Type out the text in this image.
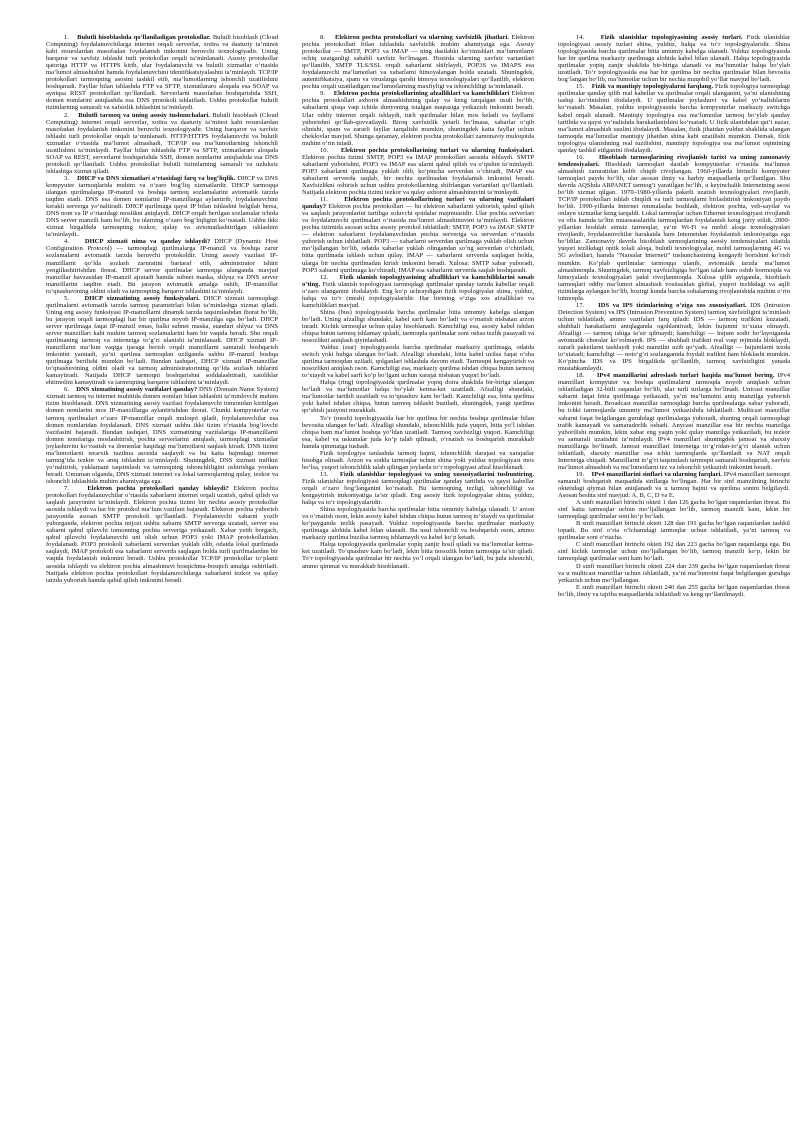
1. Bulutli hisoblashda qo‘llaniladigan protokollar. Bulutli hisoblash (Cloud Computing) foydalanuvchilarga internet orqali serverlar, xotira va dasturiy ta’minot kabi resurslardan masofadan foydalanish imkonini beruvchi texnologiyadir. Uning barqaror va xavfsiz ishlashi turli protokollar orqali ta’minlanadi. Asosiy protokollar qatoriga HTTP va HTTPS kirib, ular foydalanuvchi va bulutli xizmatlar o‘rtasida ma’lumot almashishni hamda foydalanuvchini identifikatsiyalashni ta’minlaydi. TCP/IP protokollari tarmoqning asosini tashkil etib, ma’lumotlarning ishonchli uzatilishini boshqaradi. Fayllar bilan ishlashda FTP va SFTP, xizmatlararo aloqada esa SOAP va ayniqsa REST protokollari qo‘llaniladi. Serverlarni masofadan boshqarishda SSH, domen nomlarini aniqlashda esa DNS protokoli ishlatiladi. Ushbu protokollar bulutli tizimlarning samarali va xafsizlik ishlashini ta’minlaydi.

2. Bulutli tarmoq va uning asosiy tushunchalari. Bulutli hisoblash (Cloud Computing) internet orqali serverlar, xotira va dasturiy ta’minot kabi resurslardan masofadan foydalanish imkonini beruvchi texnologiyadir. Uning barqaror va xavfsiz ishlashi turli protokollar orqali ta’minlanadi. HTTP/HTTPS foydalanuvchi va bulutli xizmatlar o‘rtasida ma’lumot almashadi, TCP/IP esa ma’lumotlarning ishonchli uzatilishini ta’minlaydi. Fayllar bilan ishlashda FTP va SFTP, xizmatlararo aloqada SOAP va REST, serverlarni boshqarishda SSH, domen nomlarini aniqlashda esa DNS protokoli qo‘llaniladi. Ushbu protokollar bulutli tizimlarning samarali va uzluksiz ishlashiga xizmat qiladi.

3. DHCP va DNS xizmatlari o‘rtasidagi farq va bog‘liqlik. DHCP va DNS kompyuter tarmoqlarida muhim va o‘zaro bog‘liq xizmatlardir. DHCP tarmoqqa ulangan qurilmalarga IP-manzil va boshqa tarmoq sozlamalarini avtomatik tarzda taqdim etadi. DNS esa domen nomlarini IP-manzillarga aylantirib, foydalanuvchini kerakli serverga yo‘naltiradi. DHCP qurilmaga qaysi IP bilan ishlashni belgilab bersa, DNS nom va IP o‘rtasidagi moslikni aniqlaydi. DHCP orqali berilgan sozlamalar ichida DNS server manzili ham bo‘lib, bu ularning o‘zaro bog‘liqligini ko‘rsatadi. Ushbu ikki xizmat birgalikda tarmoqning tezkor, qulay va avtomatlashtirilgan ishlashini ta’minlaydi..

4. DHCP xizmati nima va qanday ishlaydi? DHCP (Dynamic Host Configuration Protocol) — tarmoqdagi qurilmalarga IP-manzil va boshqa zarur sozlamalarni avtomatik tarzda beruvchi protokoldir. Uning asosiy vazifasi IP-manzillarni qo‘lda sozlash zaruratini bartaraf etib, administrator ishini yengillashtirishdan iborat. DHCP server qurilmalar tarmoqqa ulanganda mavjud manzillar havzasidan IP-manzil ajratadi hamda subnet maska, shlyuz va DNS server manzillarini taqdim etadi. Bu jarayon avtomatik amalga oshib, IP-manzillar to‘qnashuvining oldini oladi va tarmoqning barqaror ishlashini ta’minlaydi.

5. DHCP xizmatining asosiy funksiyalari. DHCP xizmati tarmoqdagi qurilmalarni avtomatik tarzda tarmoq parametrlari bilan ta’minlashga xizmat qiladi. Uning eng asosiy funksiyasi IP-manzillarni dinamik tarzda taqsimlashdan iborat bo‘lib, bu jarayon orqali tarmoqdagi har bir qurilma noyob IP-manzilga ega bo‘ladi. DHCP server qurilmaga faqat IP-manzil emas, balki subnet maska, standart shlyuz va DNS server manzillari kabi muhim tarmoq sozlamalarini ham bir vaqtda beradi. Shu orqali qurilmaning tarmoq va internetga to‘g‘ri ulanishi ta’minlanadi. DHCP xizmati IP-manzillarni ma’lum vaqtga ijaraga berish orqali manzillarni samarali boshqarish imkonini yaratadi, ya’ni qurilma tarmoqdan uzilganda ushbu IP-manzil boshqa qurilmaga berilishi mumkin bo‘ladi. Bundan tashqari, DHCP xizmati IP-manzillar to‘qnashuvining oldini oladi va tarmoq administratorining qo‘lda sozlash ishlarini kamaytiradi. Natijada DHCP tarmoqni boshqarishni soddalashtiradi, xatoliklar ehtimolini kamaytiradi va tarmoqning barqaror ishlashini ta’minlaydi.

6. DNS xizmatining asosiy vazifalari qanday? DNS (Domain Name System) xizmati tarmoq va internet muhitida domen nomlari bilan ishlashni ta’minlovchi muhim tizim hisoblanadi. DNS xizmatining asosiy vazifasi foydalanuvchi tomonidan kiritilgan domen nomlarini mos IP-manzillarga aylantirishdan iborat. Chunki kompyuterlar va tarmoq qurilmalari o‘zaro IP-manzillar orqali muloqot qiladi, foydalanuvchilar esa domen nomlaridan foydalanadi. DNS xizmati ushbu ikki tizim o‘rtasida bog‘lovchi vazifasini bajaradi. Bundan tashqari, DNS xizmatining vazifalariga IP-manzillarni domen nomlariga moslashtirish, pochta serverlarini aniqlash, tarmoqdagi xizmatlar joylashuvini ko‘rsatish va domenlar haqidagi ma’lumotlarni saqlash kiradi. DNS tizimi ma’lumotlarni ierarxik tuzilma asosida saqlaydi va bu katta hajmdagi internet tarmog‘ida tezkor va aniq ishlashni ta’minlaydi. Shuningdek, DNS xizmati trafikni yo‘naltirish, yuklamani taqsimlash va tarmoqning ishonchliligini oshirishga yordam beradi. Umuman olganda, DNS xizmati internet va lokal tarmoqlarning qulay, tezkor va ishonchli ishlashida muhim ahamiyatga ega.

7.	Elektron pochta protokollari qanday ishlaydi? Elektron pochta protokollari foydalanuvchilar o‘rtasida xabarlarni internet orqali uzatish, qabul qilish va saqlash jarayonini ta’minlaydi. Elektron pochta tizimi bir nechta asosiy protokollar asosida ishlaydi va har bir protokol ma’lum vazifani bajaradi. Elektron pochta yuborish jarayonida asosan SMTP protokoli qo‘llaniladi. Foydalanuvchi xabarni yozib yuborganda, elektron pochta mijozi ushbu xabarni SMTP serverga uzatadi, server esa xabarni qabul qiluvchi tomonning pochta serveriga yetkazadi. Xabar yetib borgach, qabul qiluvchi foydalanuvchi uni olish uchun POP3 yoki IMAP protokollaridan foydalanadi. POP3 protokoli xabarlarni serverdan yuklab olib, odatda lokal qurilmada saqlaydi, IMAP protokoli esa xabarlarni serverda saqlagan holda turli qurilmalardan bir vaqtda foydalanish imkonini beradi. Ushbu protokollar TCP/IP protokollar to‘plami asosida ishlaydi va elektron pochta almashinuvi bosqichma-bosqich amalga oshiriladi. Natijada elektron pochta protokollari foydalanuvchilarga xabarlarni tezkor va qulay tarzda yuborish hamda qabul qilish imkonini beradi

8. Elektron pochta protokollari va ularning xavfsizlik jihatlari. Elektron pochta protokollari bilan ishlashda xavfsizlik muhim ahamiyatga ega. Asosiy protokollar — SMTP, POP3 va IMAP — ning dastlabki ko‘rinishlari ma’lumotlarni ochiq uzatganligi sababli xavfsiz bo‘lmagan. Hozirda ularning xavfsiz variantlari qo‘llanilib, SMTP TLS/SSL orqali xabarlarni shifrlaydi, POP3S va IMAPS esa foydalanuvchi ma’lumotlari va xabarlarni himoyalangan holda uzatadi. Shuningdek, autentifikatsiya, spam va viruslarga qarshi himoya texnologiyalari qo‘llanilib, elektron pochta orqali uzatiladigan ma’lumotlarning maxfiyligi va ishonchliligi ta’minlanadi.

9. Elektron pochta protokollarining afzalliklari va kamchiliklari Elektron pochta protokollari axborot almashishning qulay va keng tarqalgan usuli bo‘lib, xabarlarni qisqa vaqt ichida dunyoning istalgan nuqtasiga yetkazish imkonini beradi. Ular oddiy internet orqali ishlaydi, turli qurilmalar bilan mos keladi va fayllarni yuborishni qo‘llab-quvvatlaydi. Biroq xavfsizlik yetarli bo‘lmasa, xabarlar o‘qib olinishi, spam va zararli fayllar tarqalishi mumkin, shuningdek katta fayllar uchun cheklovlar mavjud. Shunga qaramay, elektron pochta protokollari zamonaviy muloqotda muhim o‘rin tutadi.

10. Elektron pochta protokollarining turlari va ularning funksiyalari. Elektron pochta tizimi SMTP, POP3 va IMAP protokollari asosida ishlaydi. SMTP xabarlarni yuborishni, POP3 va IMAP esa ularni qabul qilish va o‘qishni ta’minlaydi. POP3 xabarlarni qurilmaga yuklab olib, ko‘pincha serverdan o‘chiradi, IMAP esa xabarlarni serverda saqlab, bir nechta qurilmadan foydalanish imkonini beradi. Xavfsizlikni oshirish uchun ushbu protokollarning shifrlangan variantlari qo‘llaniladi. Natijada elektron pochta tizimi tezkor va qulay axborot almashinuvini ta’minlaydi.

11. Elektron pochta protokollarining turlari va ularning vazifalari qanday? Elektron pochta protokollari — bu elektron xabarlarni yuborish, qabul qilish va saqlash jarayonlarini tartibga soluvchi qoidalar majmuasidir. Ular pochta serverlari va foydalanuvchi qurilmalari o‘rtasida ma’lumot almashinuvini ta’minlaydi. Elektron pochta tizimida asosan uchta asosiy protokol ishlatiladi: SMTP, POP3 va IMAP. SMTP — elektron xabarlarni foydalanuvchidan pochta serveriga va serverdan o‘rtasida yuborish uchun ishlatiladi. POP3 — xabarlarni serverdan qurilmaga yuklab olish uchun mo‘ljallangan bo‘lib, odatda xabarlar yuklab olingandan so‘ng serverdan o‘chiriladi, bitta qurilmada ishlash uchun qulay. IMAP — xabarlarni serverda saqlagan holda, ularga bir nechta qurilmadan kirish imkonini beradi. Xulosa: SMTP xabar yuboradi, POP3 xabarni qurilmaga ko‘chiradi, IMAP esa xabarlarni serverda saqlab boshqaradi.

12. Fizik ulanish topologiyasining afzalliklari va kamchiliklarini sanab o‘ting. Fizik ulanish topologiyasi tarmoqdagi qurilmalar qanday tarzda kabellar orqali o‘zaro ulanganini ifodalaydi. Eng ko‘p uchraydigan fizik topologiyalar shina, yulduz, halqa va to‘r (mesh) topologiyalaridir. Har birining o‘ziga xos afzalliklari va kamchiliklari mavjud.

Shina (bus) topologiyasida barcha qurilmalar bitta umumiy kabelga ulangan bo‘ladi. Uning afzalligi shundaki, kabel sarfi kam bo‘ladi va o‘rnatish nisbatan arzon turadi. Kichik tarmoqlar uchun qulay hisoblanadi. Kamchiligi esa, asosiy kabel ishdan chiqsa butun tarmoq ishlamay qoladi, tarmoqda qurilmalar soni oshsa tezlik pasayadi va nosozlikni aniqlash qiyinlashadi.

Yulduz (star) topologiyasida barcha qurilmalar markaziy qurilmaga, odatda switch yoki hubga ulangan bo‘ladi. Afzalligi shundaki, bitta kabel uzilsa faqat o‘sha qurilma tarmoqdan uziladi, qolganlari ishlashda davom etadi. Tarmoqni kengaytirish va nosozlikni aniqlash oson. Kamchiligi esa, markaziy qurilma ishdan chiqsa butun tarmoq to‘xtaydi va kabel sarfi ko‘p bo‘lgani uchun xarajat nisbatan yuqori bo‘ladi.

Halqa (ring) topologiyasida qurilmalar yopiq doira shaklida bir-biriga ulangan bo‘ladi va ma’lumotlar halqa bo‘ylab ketma-ket uzatiladi. Afzalligi shundaki, ma’lumotlar tartibli uzatiladi va to‘qnashuv kam bo‘ladi. Kamchiligi esa, bitta qurilma yoki kabel ishdan chiqsa, butun tarmoq ishlashi buziladi, shuningdek, yangi qurilma qo‘shish jarayoni murakkab.

To‘r (mesh) topologiyasida har bir qurilma bir nechta boshqa qurilmalar bilan bevosita ulangan bo‘ladi. Afzalligi shundaki, ishonchlilik juda yuqori, bitta yo‘l ishdan chiqsa ham ma’lumot boshqa yo‘ldan uzatiladi. Tarmoq xavfsizligi yuqori. Kamchiligi esa, kabel va uskunalar juda ko‘p talab qilinadi, o‘rnatish va boshqarish murakkab hamda qimmatga tushadi.

Fizik topologiya tanlashda tarmoq hajmi, ishonchlilik darajasi va xarajatlar hisobga olinadi. Arzon va sodda tarmoqlar uchun shina yoki yulduz topologiyasi mos bo‘lsa, yuqori ishonchlilik talab qilingan joylarda to‘r topologiyasi afzal hisoblanadi.

13. Fizik ulanishlar topologiyasi va uning xususiyatlarini tushuntiring. Fizik ulanishlar topologiyasi tarmoqdagi qurilmalar qanday tartibda va qaysi kabellar orqali o‘zaro bog‘langanini ko‘rsatadi. Bu tarmoqning tezligi, ishonchliligi va kengaytirish imkoniyatiga ta’sir qiladi. Eng asosiy fizik topologiyalar shina, yulduz, halqa va to‘r topologiyalaridir.

Shina topologiyasida barcha qurilmalar bitta umumiy kabelga ulanadi. U arzon va o‘rnatish oson, lekin asosiy kabel ishdan chiqsa butun tarmoq to‘xtaydi va qurilmalar ko‘payganda tezlik pasayadi. Yulduz topologiyasida barcha qurilmalar markaziy qurilmaga alohida kabel bilan ulanadi. Bu usul ishonchli va boshqarish oson, ammo markaziy qurilma buzilsa tarmoq ishlamaydi va kabel ko‘p ketadi.

Halqa topologiyasida qurilmalar yopiq zanjir hosil qiladi va ma’lumotlar ketma-ket uzatiladi. To‘qnashuv kam bo‘ladi, lekin bitta nosozlik butun tarmoqqa ta’sir qiladi. To‘r topologiyasida qurilmalar bir nechta yo‘l orqali ulangan bo‘ladi, bu juda ishonchli, ammo qimmat va murakkab hisoblanadi.

14.	Fizik ulanishlar topologiyasining asosiy turlari. Fizik ulanishlar topologiyasi asosiy turlari shina, yulduz, halqa va to‘r topologiyalaridir. Shina topologiyasida barcha qurilmalar bitta umumiy kabelga ulanadi. Yulduz topologiyasida har bir qurilma markaziy qurilmaga alohida kabel bilan ulanadi. Halqa topologiyasida qurilmalar yopiq zanjir shaklida bir-biriga ulanadi va ma’lumotlar halqa bo‘ylab uzatiladi. To‘r topologiyasida esa har bir qurilma bir nechta qurilmalar bilan bevosita bog‘langan bo‘lib, ma’lumotlar uchun bir nechta muqobil yo‘llar mavjud bo‘ladi.

15. Fizik va mantiqiy topologiyalarni farqlang. Fizik topologiya tarmoqdagi qurilmalar qanday qilib real kabellar va qurilmalar orqali ulanganini, ya’ni ulanishning tashqi ko‘rinishini ifodalaydi. U qurilmalar joylashuvi va kabel yo‘nalishlarini ko‘rsatadi. Masalan, yulduz topologiyasida barcha kompyuterlar markaziy switchga kabel orqali ulanadi. Mantiqiy topologiya esa ma’lumotlar tarmoq bo‘ylab qanday tartibda va qaysi yo‘nalishda harakatlanishini ko‘rsatadi. U fizik ulanishdan qat’i nazar, ma’lumot almashish usulini ifodalaydi. Masalan, fizik jihatdan yulduz shaklida ulangan tarmoqda ma’lumotlar mantiqiy jihatdan shina kabi uzatilishi mumkin. Demak, fizik topologiya ulanishning real tuzilishini, mantiqiy topologiya esa ma’lumot oqimining qanday tashkil etilganini ifodalaydi.

16. Hisoblash tarmoqlarining rivojlanish tarixi va uning zamonaviy tendensiyalari. Hisoblash tarmoqlari dastlab kompyuterlar o‘rtasida ma’lumot almashish zaruratidan kelib chiqib rivojlangan. 1960-yillarda birinchi kompyuter tarmoqlari paydo bo‘lib, ular asosan ilmiy va harbiy maqsadlarda qo‘llanilgan. Shu davrda AQShda ARPANET tarmog‘i yaratilgan bo‘lib, u keyinchalik Internetning asosi bo‘lib xizmat qilgan. 1970–1980-yillarda paketli uzatish texnologiyalari rivojlanib, TCP/IP protokollari ishlab chiqildi va turli tarmoqlarni birlashtirish imkoniyati paydo bo‘ldi. 1990-yillarda Internet ommalasha boshladi, elektron pochta, veb-saytlar va onlayn xizmatlar keng tarqaldi. Lokal tarmoqlar uchun Ethernet texnologiyasi rivojlandi va ofis hamda ta’lim muassasalarida tarmoqlardan foydalanish keng joriy etildi. 2000-yillardan boshlab simsiz tarmoqlar, ya’ni Wi-Fi va mobil aloqa texnologiyalari rivojlanib, foydalanuvchilar harakatda ham Internetdan foydalanish imkoniyatiga ega bo‘ldilar. Zamonaviy davrda hisoblash tarmoqlarining asosiy tendensiyalari sifatida yuqori tezlikdagi optik tolali aloqa, bulutli texnologiyalar, mobil tarmoqlarning 4G va 5G avlodlari, hamda “Narsalar Interneti” tushunchasining kengayib borishini ko‘rish mumkin. Ko‘plab qurilmalar tarmoqqa ulanib, avtomatik tarzda ma’lumot almashmoqda. Shuningdek, tarmoq xavfsizligiga bo‘lgan talab ham oshib bormoqda va himoyalash texnologiyalari jadal rivojlanmoqda. Xulosa qilib aytganda, hisoblash tarmoqlari oddiy ma’lumot almashish vositasidan global, yuqori tezlikdagi va aqlli tizimlarga aylangan bo‘lib, hozirgi kunda barcha sohalarning rivojlanishida muhim o‘rin tutmoqda.

17. IDS va IPS tizimlarining o‘ziga xos xususiyatlari. IDS (Intrusion Detection System) va IPS (Intrusion Prevention System) tarmoq xavfsizligini ta’minlash uchun ishlatiladi, ammo vazifalari farq qiladi: IDS — tarmoq trafikini kuzatadi, shubhali harakatlarni aniqlaganda ogohlantiradi, lekin hujumni to‘xtata olmaydi. Afzalligi — tarmoq ishiga ta’sir qilmaydi; kamchiligi — hujum sodir bo‘layotganda avtomatik choralar ko‘rolmaydi. IPS — shubhali trafikni real vaqt rejimida bloklaydi, zararli paketlarni tashlaydi yoki manzilni uzib qo‘yadi. Afzalligi — hujumlarni tezda to‘xtatadi; kamchiligi — noto‘g‘ri sozlanganida foydali trafikni ham bloklashi mumkin. Ko‘pincha IDS va IPS birgalikda qo‘llanilib, tarmoq xavfsizligini yanada mustahkamlaydi.

18. IPv4 manzillarini adreslash turlari haqida ma’lumot bering. IPv4 manzillari kompyuter va boshqa qurilmalarni tarmoqda noyob aniqlash uchun ishlatiladigan 32-bitli raqamlar bo‘lib, ular turli turlarga bo‘linadi. Unicast manzillar xabarni faqat bitta qurilmaga yetkazadi, ya’ni ma’lumotni aniq manzilga yuborish imkonini beradi. Broadcast manzillar tarmoqdagi barcha qurilmalarga xabar yuboradi, bu ichki tarmoqlarda umumiy ma’lumot yetkazishda ishlatiladi. Multicast manzillar xabarni faqat belgilangan guruhdagi qurilmalarga yuboradi, shuning orqali tarmoqdagi trafik kamayadi va samaradorlik oshadi. Anycast manzillar esa bir nechta manzilga yuborilishi mumkin, lekin xabar eng yaqin yoki qulay manzilga yetkaziladi, bu tezkor va samarali uzatishni ta’minlaydi. IPv4 manzillari shuningdek jamoat va shaxsiy manzillarga bo‘linadi. Jamoat manzillari Internetga to‘g‘ridan-to‘g‘ri ulanish uchun ishlatiladi, shaxsiy manzillar esa ichki tarmoqlarda qo‘llaniladi va NAT orqali Internetga chiqadi. Manzillarni to‘g‘ri taqsimlash tarmoqni samarali boshqarish, xavfsiz ma’lumot almashish va ma’lumotlarni tez va ishonchli yetkazish imkonini beradi.

19. IPv4 manzillarini sinflari va ularning farqlari. IPv4 manzillari tarmoqni samarali boshqarish maqsadida sinflarga bo‘lingan. Har bir sinf manzilning birinchi oktetidagi qiymat bilan aniqlanadi va u tarmoq hajmi va qurilma sonini belgilaydi. Asosan beshta sinf mavjud: A, B, C, D va E.

A sinfi manzillari birinchi okteti 1 dan 126 gacha bo‘lgan raqamlardan iborat. Bu sinf katta tarmoqlar uchun mo‘ljallangan bo‘lib, tarmoq manzili kam, lekin bir tarmoqdagi qurilmalar soni ko‘p bo‘ladi.

B sinfi manzillari birinchi okteti 128 dan 191 gacha bo‘lgan raqamlardan tashkil topadi. Bu sinf o‘rta o‘lchamdagi tarmoqlar uchun ishlatiladi, ya’ni tarmoq va qurilmalar soni o‘rtacha.

C sinfi manzillari birinchi okteti 192 dan 223 gacha bo‘lgan raqamlarga ega. Bu sinf kichik tarmoqlar uchun mo‘ljallangan bo‘lib, tarmoq manzili ko‘p, lekin bir tarmoqdagi qurilmalar soni kam bo‘ladi.

D sinfi manzillari birinchi okteti 224 dan 239 gacha bo‘lgan raqamlardan iborat va u multicast manzillar uchun ishlatiladi, ya’ni ma’lumotni faqat belgilangan guruhga yetkazish uchun mo‘ljallangan.

E sinfi manzillari birinchi okteti 240 dan 255 gacha bo‘lgan raqamlardan iborat bo‘lib, ilmiy va tajriba maqsadlarida ishlatiladi va keng qo‘llanilmaydi.
